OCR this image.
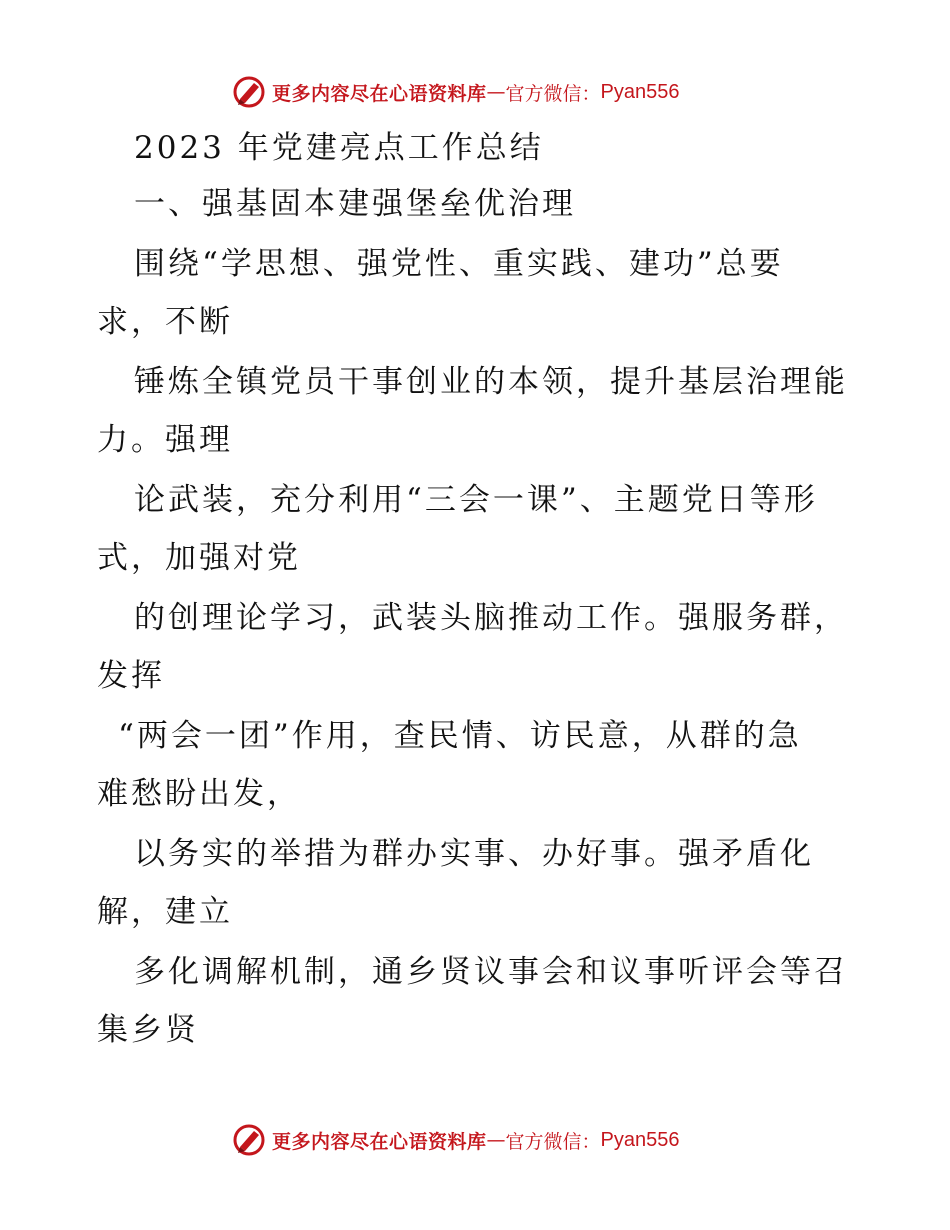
更多内容尽在心语资料库 — 官方微信： Pyan556
2023 年党建亮点工作总结
一、强基固本建强堡垒优治理
围绕“学思想、强党性、重实践、建功”总要
求，不断
锤炼全镇党员干事创业的本领，提升基层治理能
力。强理
论武装，充分利用“三会一课”、主题党日等形
式，加强对党
的创理论学习，武装头脑推动工作。强服务群，
发挥
“两会一团”作用，查民情、访民意，从群的急
难愁盼出发，
以务实的举措为群办实事、办好事。强矛盾化
解，建立
多化调解机制，通乡贤议事会和议事听评会等召
集乡贤
更多内容尽在心语资料库 — 官方微信： Pyan556
